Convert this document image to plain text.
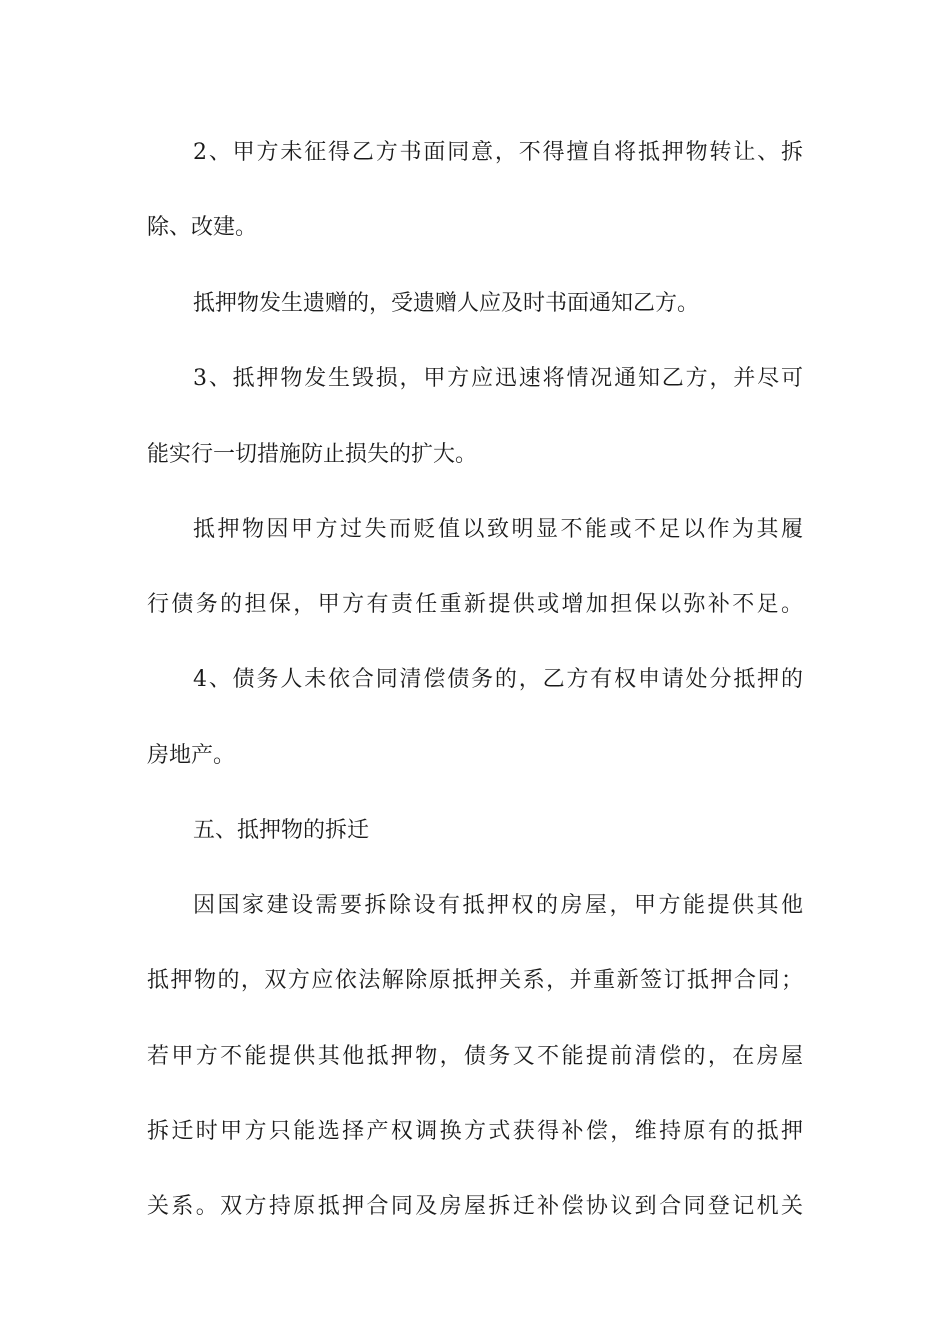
2、甲方未征得乙方书面同意，不得擅自将抵押物转让、拆
除、改建。
抵押物发生遗赠的，受遗赠人应及时书面通知乙方。
3、抵押物发生毁损，甲方应迅速将情况通知乙方，并尽可
能实行一切措施防止损失的扩大。
抵押物因甲方过失而贬值以致明显不能或不足以作为其履
行债务的担保，甲方有责任重新提供或增加担保以弥补不足。
4、债务人未依合同清偿债务的，乙方有权申请处分抵押的
房地产。
五、抵押物的拆迁
因国家建设需要拆除设有抵押权的房屋，甲方能提供其他
抵押物的，双方应依法解除原抵押关系，并重新签订抵押合同；
若甲方不能提供其他抵押物，债务又不能提前清偿的，在房屋
拆迁时甲方只能选择产权调换方式获得补偿，维持原有的抵押
关系。双方持原抵押合同及房屋拆迁补偿协议到合同登记机关
